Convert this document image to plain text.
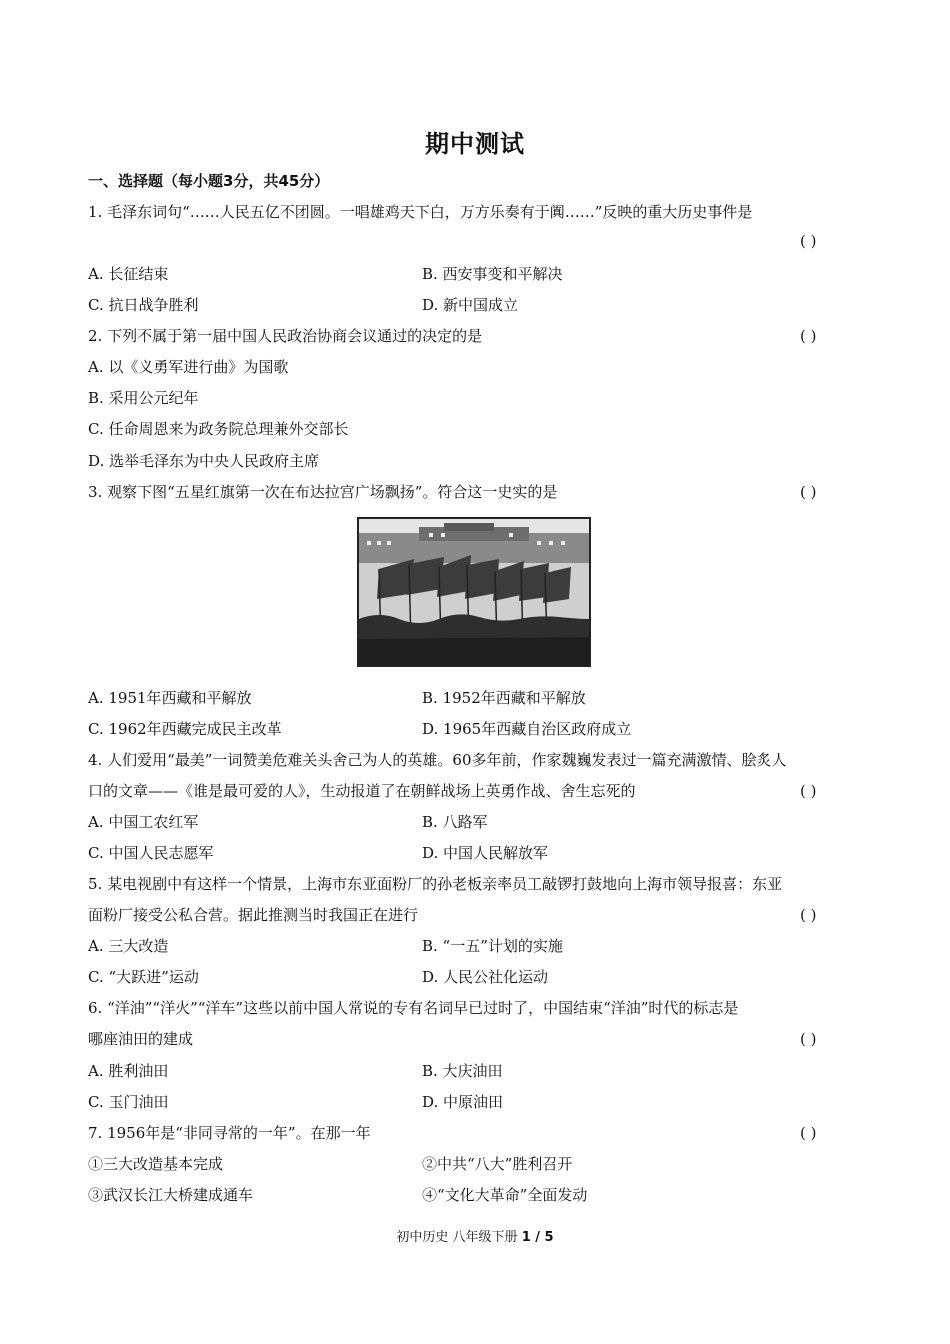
期中测试
一、选择题（每小题3分，共45分）
1. 毛泽东词句“……人民五亿不团圆。一唱雄鸡天下白，万方乐奏有于阗……”反映的重大历史事件是
( )
A. 长征结束	B. 西安事变和平解决
C. 抗日战争胜利	D. 新中国成立
2. 下列不属于第一届中国人民政治协商会议通过的决定的是	( )
A. 以《义勇军进行曲》为国歌
B. 采用公元纪年
C. 任命周恩来为政务院总理兼外交部长
D. 选举毛泽东为中央人民政府主席
3. 观察下图“五星红旗第一次在布达拉宫广场飘扬”。符合这一史实的是	( )
A. 1951年西藏和平解放	B. 1952年西藏和平解放
C. 1962年西藏完成民主改革	D. 1965年西藏自治区政府成立
4. 人们爱用“最美”一词赞美危难关头舍己为人的英雄。60多年前，作家魏巍发表过一篇充满激情、脍炙人
口的文章——《谁是最可爱的人》，生动报道了在朝鲜战场上英勇作战、舍生忘死的	( )
A. 中国工农红军	B. 八路军
C. 中国人民志愿军	D. 中国人民解放军
5. 某电视剧中有这样一个情景，上海市东亚面粉厂的孙老板亲率员工敲锣打鼓地向上海市领导报喜：东亚
面粉厂接受公私合营。据此推测当时我国正在进行	( )
A. 三大改造	B. “一五”计划的实施
C. “大跃进”运动	D. 人民公社化运动
6. “洋油”“洋火”“洋车”这些以前中国人常说的专有名词早已过时了，中国结束“洋油”时代的标志是
哪座油田的建成	( )
A. 胜利油田	B. 大庆油田
C. 玉门油田	D. 中原油田
7. 1956年是“非同寻常的一年”。在那一年	( )
①三大改造基本完成	②中共“八大”胜利召开
③武汉长江大桥建成通车	④“文化大革命”全面发动
初中历史 八年级下册 1 / 5
